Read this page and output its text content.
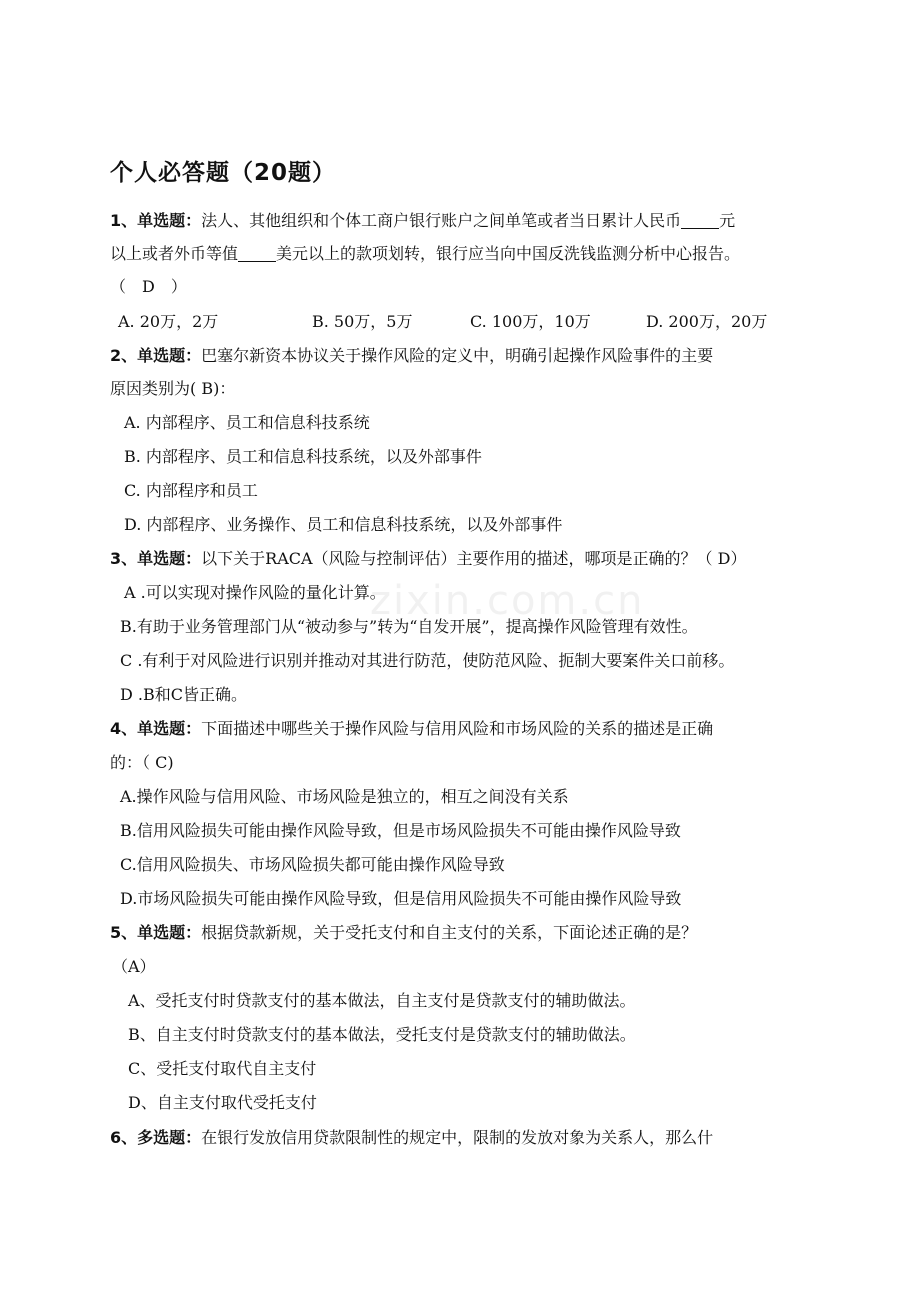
个人必答题（20题）
1、单选题：法人、其他组织和个体工商户银行账户之间单笔或者当日累计人民币 元
以上或者外币等值 美元以上的款项划转，银行应当向中国反洗钱监测分析中心报告。
（　D　）
A. 20万，2万	B. 50万，5万	C. 100万，10万	D. 200万，20万
2、单选题：巴塞尔新资本协议关于操作风险的定义中，明确引起操作风险事件的主要
原因类别为( B)：
A. 内部程序、员工和信息科技系统
B. 内部程序、员工和信息科技系统，以及外部事件
C. 内部程序和员工
D. 内部程序、业务操作、员工和信息科技系统，以及外部事件
3、单选题：以下关于RACA（风险与控制评估）主要作用的描述，哪项是正确的？（ D）
A .可以实现对操作风险的量化计算。
B.有助于业务管理部门从“被动参与”转为“自发开展”，提高操作风险管理有效性。
C .有利于对风险进行识别并推动对其进行防范，使防范风险、扼制大要案件关口前移。
D .B和C皆正确。
4、单选题：下面描述中哪些关于操作风险与信用风险和市场风险的关系的描述是正确
的：（ C)
A.操作风险与信用风险、市场风险是独立的，相互之间没有关系
B.信用风险损失可能由操作风险导致，但是市场风险损失不可能由操作风险导致
C.信用风险损失、市场风险损失都可能由操作风险导致
D.市场风险损失可能由操作风险导致，但是信用风险损失不可能由操作风险导致
5、单选题：根据贷款新规，关于受托支付和自主支付的关系，下面论述正确的是？
（A）
A、受托支付时贷款支付的基本做法，自主支付是贷款支付的辅助做法。
B、自主支付时贷款支付的基本做法，受托支付是贷款支付的辅助做法。
C、受托支付取代自主支付
D、自主支付取代受托支付
6、多选题：在银行发放信用贷款限制性的规定中，限制的发放对象为关系人，那么什
zixin.com.cn
